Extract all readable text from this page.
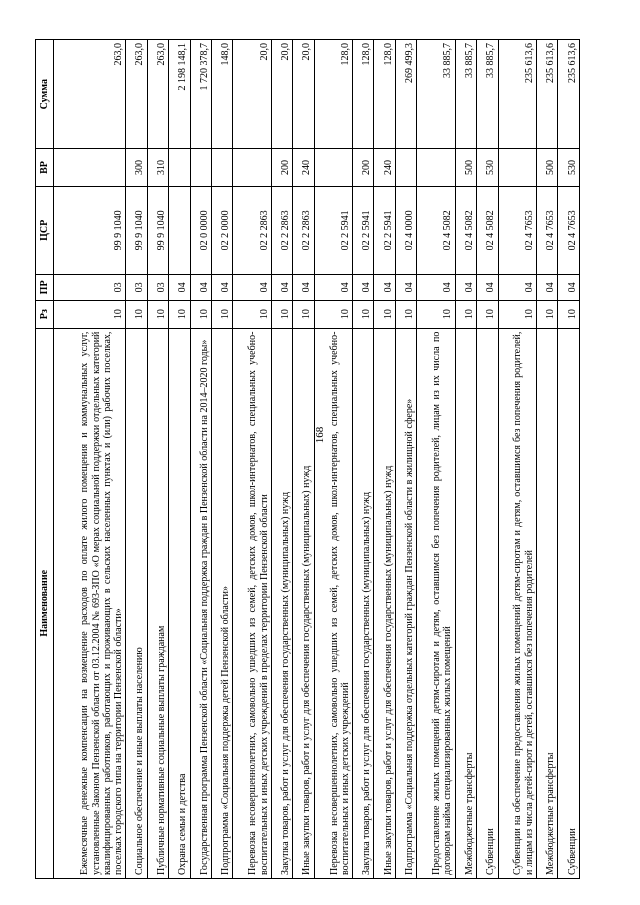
168
Наименование	Рз	ПР	ЦСР	ВР	Сумма
Ежемесячные денежные компенсации на возмещение расходов по оплате жилого помещения и коммунальных услуг, установленные Законом Пензенской области от 03.12.2004 № 693-ЗПО «О мерах социальной поддержки отдельных категорий квалифицированных работников, работающих и проживающих в сельских населенных пунктах и (или) рабочих поселках, поселках городского типа на территории Пензенской области»	10	03	99 9 1040		263,0
Социальное обеспечение и иные выплаты населению	10	03	99 9 1040	300	263,0
Публичные нормативные социальные выплаты гражданам	10	03	99 9 1040	310	263,0
Охрана семьи и детства	10	04			2 198 148,1
Государственная программа Пензенской области «Социальная поддержка граждан в Пензенской области на 2014–2020 годы»	10	04	02 0 0000		1 720 378,7
Подпрограмма «Социальная поддержка детей Пензенской области»	10	04	02 2 0000		148,0
Перевозка несовершеннолетних, самовольно ушедших из семей, детских домов, школ-интернатов, специальных учебно-воспитательных и иных детских учреждений в пределах территории Пензенской области	10	04	02 2 2863		20,0
Закупка товаров, работ и услуг для обеспечения государственных (муниципальных) нужд	10	04	02 2 2863	200	20,0
Иные закупки товаров, работ и услуг для обеспечения государственных (муниципальных) нужд	10	04	02 2 2863	240	20,0
Перевозка несовершеннолетних, самовольно ушедших из семей, детских домов, школ-интернатов, специальных учебно-воспитательных и иных детских учреждений	10	04	02 2 5941		128,0
Закупка товаров, работ и услуг для обеспечения государственных (муниципальных) нужд	10	04	02 2 5941	200	128,0
Иные закупки товаров, работ и услуг для обеспечения государственных (муниципальных) нужд	10	04	02 2 5941	240	128,0
Подпрограмма «Социальная поддержка отдельных категорий граждан Пензенской области в жилищной сфере»	10	04	02 4 0000		269 499,3
Предоставление жилых помещений детям-сиротам и детям, оставшимся без попечения родителей, лицам из их числа по договорам найма специализированных жилых помещений	10	04	02 4 5082		33 885,7
Межбюджетные трансферты	10	04	02 4 5082	500	33 885,7
Субвенции	10	04	02 4 5082	530	33 885,7
Субвенции на обеспечение предоставления жилых помещений детям-сиротам и детям, оставшимся без попечения родителей, и лицам из числа детей-сирот и детей, оставшихся без попечения родителей	10	04	02 4 7653		235 613,6
Межбюджетные трансферты	10	04	02 4 7653	500	235 613,6
Субвенции	10	04	02 4 7653	530	235 613,6
